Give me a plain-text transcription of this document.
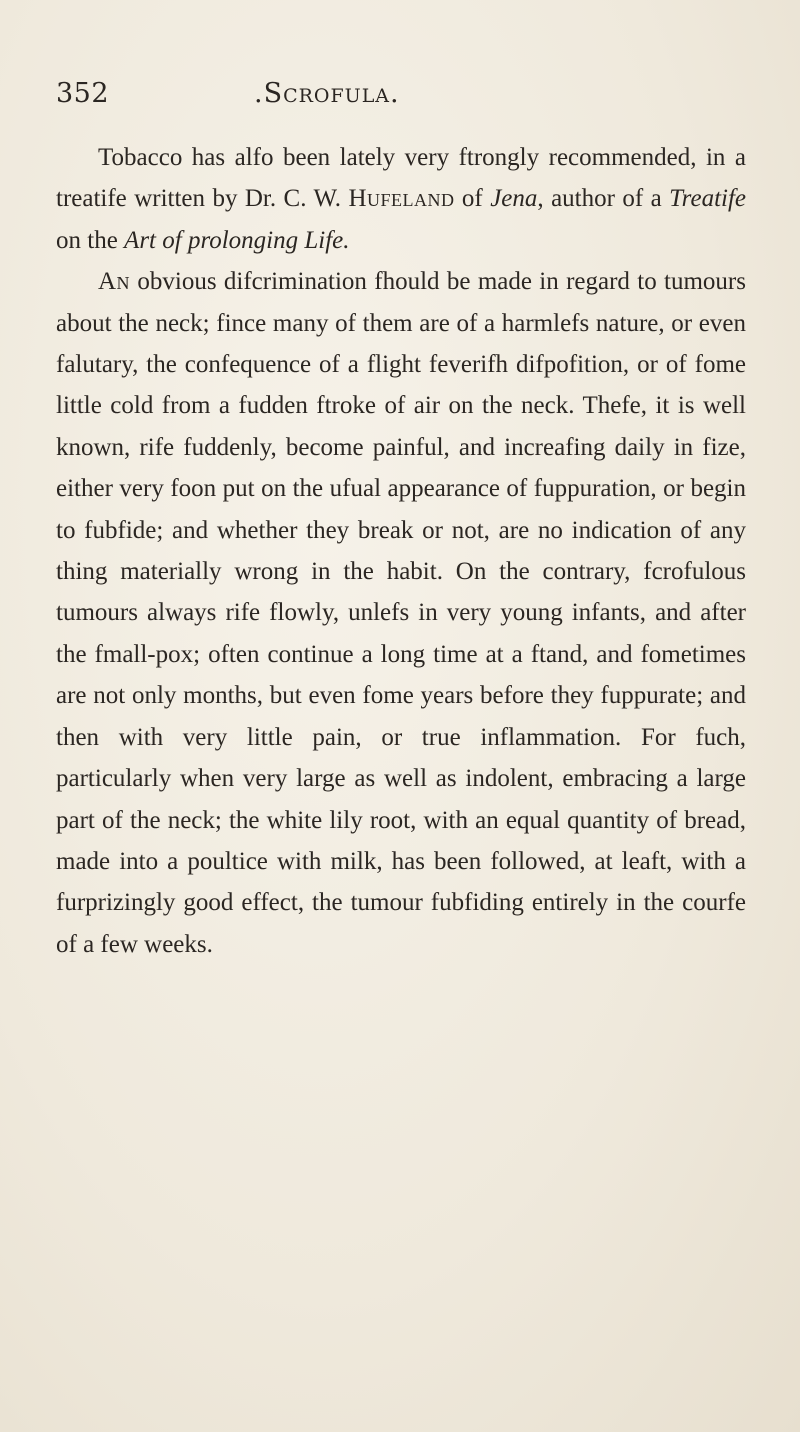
352	.Scrofula.

Tobacco has alfo been lately very ftrongly recommended, in a treatife written by Dr. C. W. Hufeland of Jena, author of a Treatife on the Art of prolonging Life.

An obvious difcrimination fhould be made in regard to tumours about the neck; fince many of them are of a harmlefs nature, or even falutary, the confequence of a flight feverifh difpofition, or of fome little cold from a fudden ftroke of air on the neck. Thefe, it is well known, rife fuddenly, become painful, and increafing daily in fize, either very foon put on the ufual appearance of fuppuration, or begin to fubfide; and whether they break or not, are no indication of any thing materially wrong in the habit. On the contrary, fcrofulous tumours always rife flowly, unlefs in very young infants, and after the fmall-pox; often continue a long time at a ftand, and fometimes are not only months, but even fome years before they fuppurate; and then with very little pain, or true inflammation. For fuch, particularly when very large as well as indolent, embracing a large part of the neck; the white lily root, with an equal quantity of bread, made into a poultice with milk, has been followed, at leaft, with a furprizingly good effect, the tumour fubfiding entirely in the courfe of a few weeks.
